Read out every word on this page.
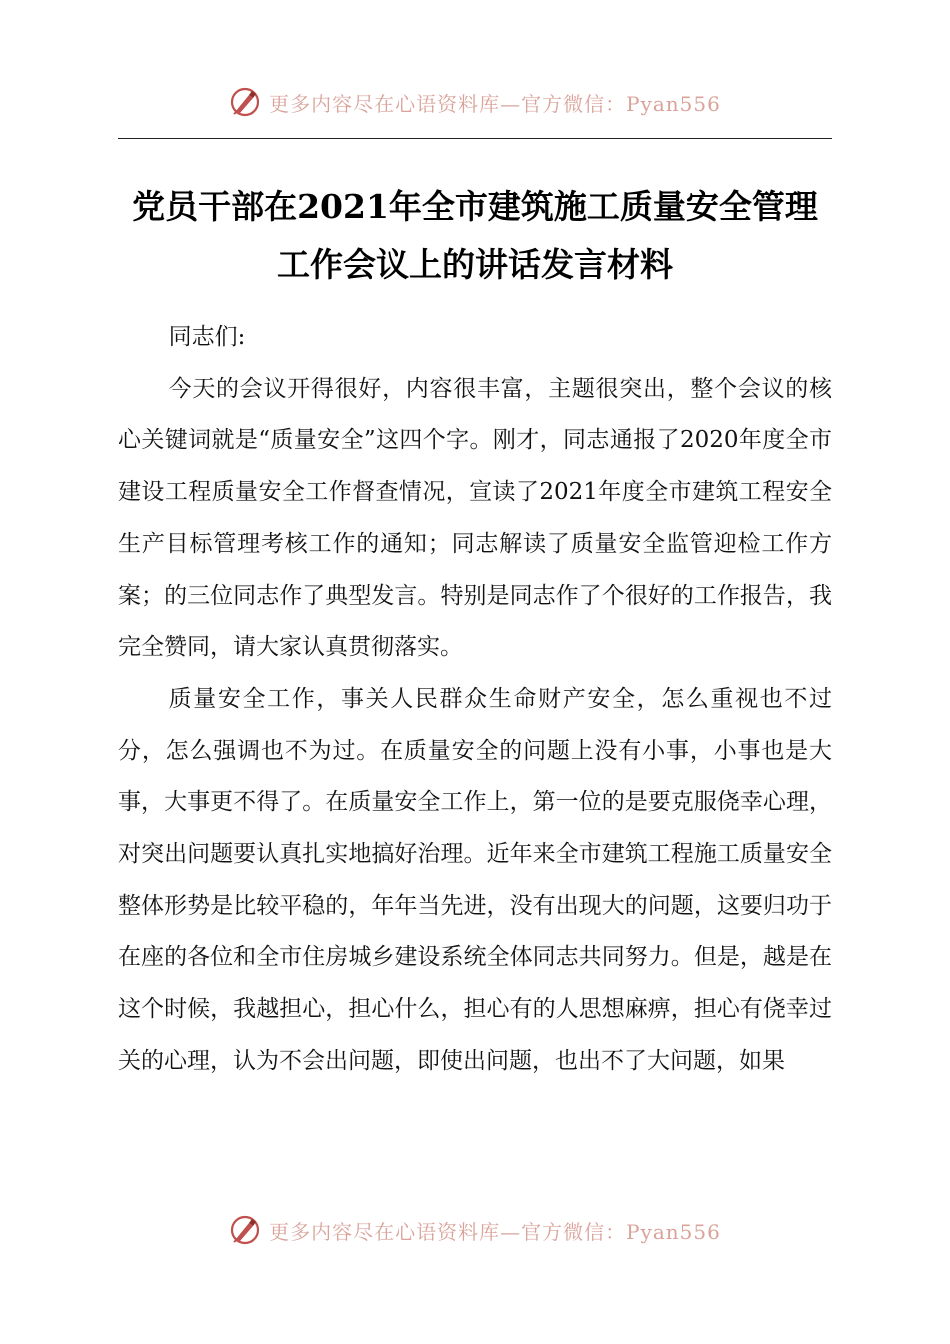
更多内容尽在心语资料库—官方微信：Pyan556
党员干部在2021年全市建筑施工质量安全管理工作会议上的讲话发言材料

同志们:

今天的会议开得很好，内容很丰富，主题很突出，整个会议的核心关键词就是“质量安全”这四个字。刚才，同志通报了2020年度全市建设工程质量安全工作督查情况，宣读了2021年度全市建筑工程安全生产目标管理考核工作的通知；同志解读了质量安全监管迎检工作方案；的三位同志作了典型发言。特别是同志作了个很好的工作报告，我完全赞同，请大家认真贯彻落实。

质量安全工作，事关人民群众生命财产安全，怎么重视也不过分，怎么强调也不为过。在质量安全的问题上没有小事，小事也是大事，大事更不得了。在质量安全工作上，第一位的是要克服侥幸心理，对突出问题要认真扎实地搞好治理。近年来全市建筑工程施工质量安全整体形势是比较平稳的，年年当先进，没有出现大的问题，这要归功于在座的各位和全市住房城乡建设系统全体同志共同努力。但是，越是在这个时候，我越担心，担心什么，担心有的人思想麻痹，担心有侥幸过关的心理，认为不会出问题，即使出问题，也出不了大问题，如果

更多内容尽在心语资料库—官方微信：Pyan556
